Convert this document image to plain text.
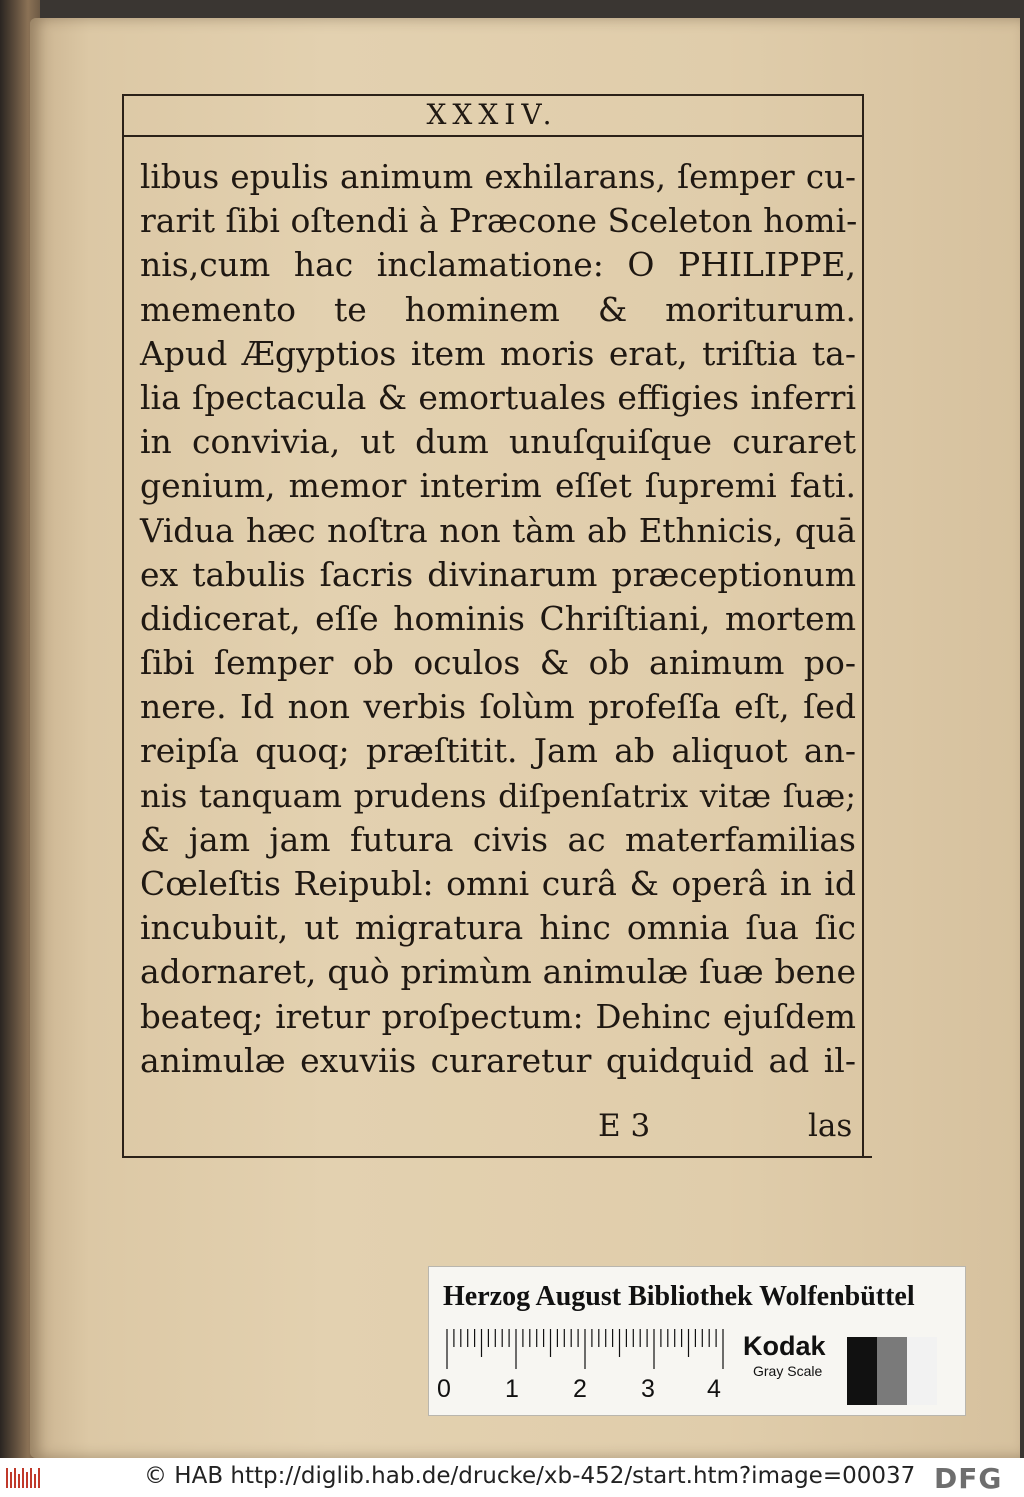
XXXIV.
libus epulis animum exhilarans, ſemper cu-
rarit ſibi oſtendi à Præcone Sceleton homi-
nis,cum hac inclamatione: O PHILIPPE,
memento te hominem & moriturum.
Apud Ægyptios item moris erat, triſtia ta-
lia ſpectacula & emortuales effigies inferri
in convivia, ut dum unuſquiſque curaret
genium, memor interim eſſet ſupremi fati.
Vidua hæc noſtra non tàm ab Ethnicis, quā
ex tabulis ſacris divinarum præceptionum
didicerat, eſſe hominis Chriſtiani, mortem
ſibi ſemper ob oculos & ob animum po-
nere. Id non verbis ſolùm profeſſa eſt, ſed
reipſa quoq; præſtitit. Jam ab aliquot an-
nis tanquam prudens diſpenſatrix vitæ ſuæ;
& jam jam futura civis ac materfamilias
Cœleſtis Reipubl: omni curâ & operâ in id
incubuit, ut migratura hinc omnia ſua ſic
adornaret, quò primùm animulæ ſuæ bene
beateq; iretur proſpectum: Dehinc ejuſdem
animulæ exuviis curaretur quidquid ad il-
E 3	las
Herzog August Bibliothek Wolfenbüttel
0 1 2 3 4
Kodak
Gray Scale
© HAB http://diglib.hab.de/drucke/xb-452/start.htm?image=00037 DFG
